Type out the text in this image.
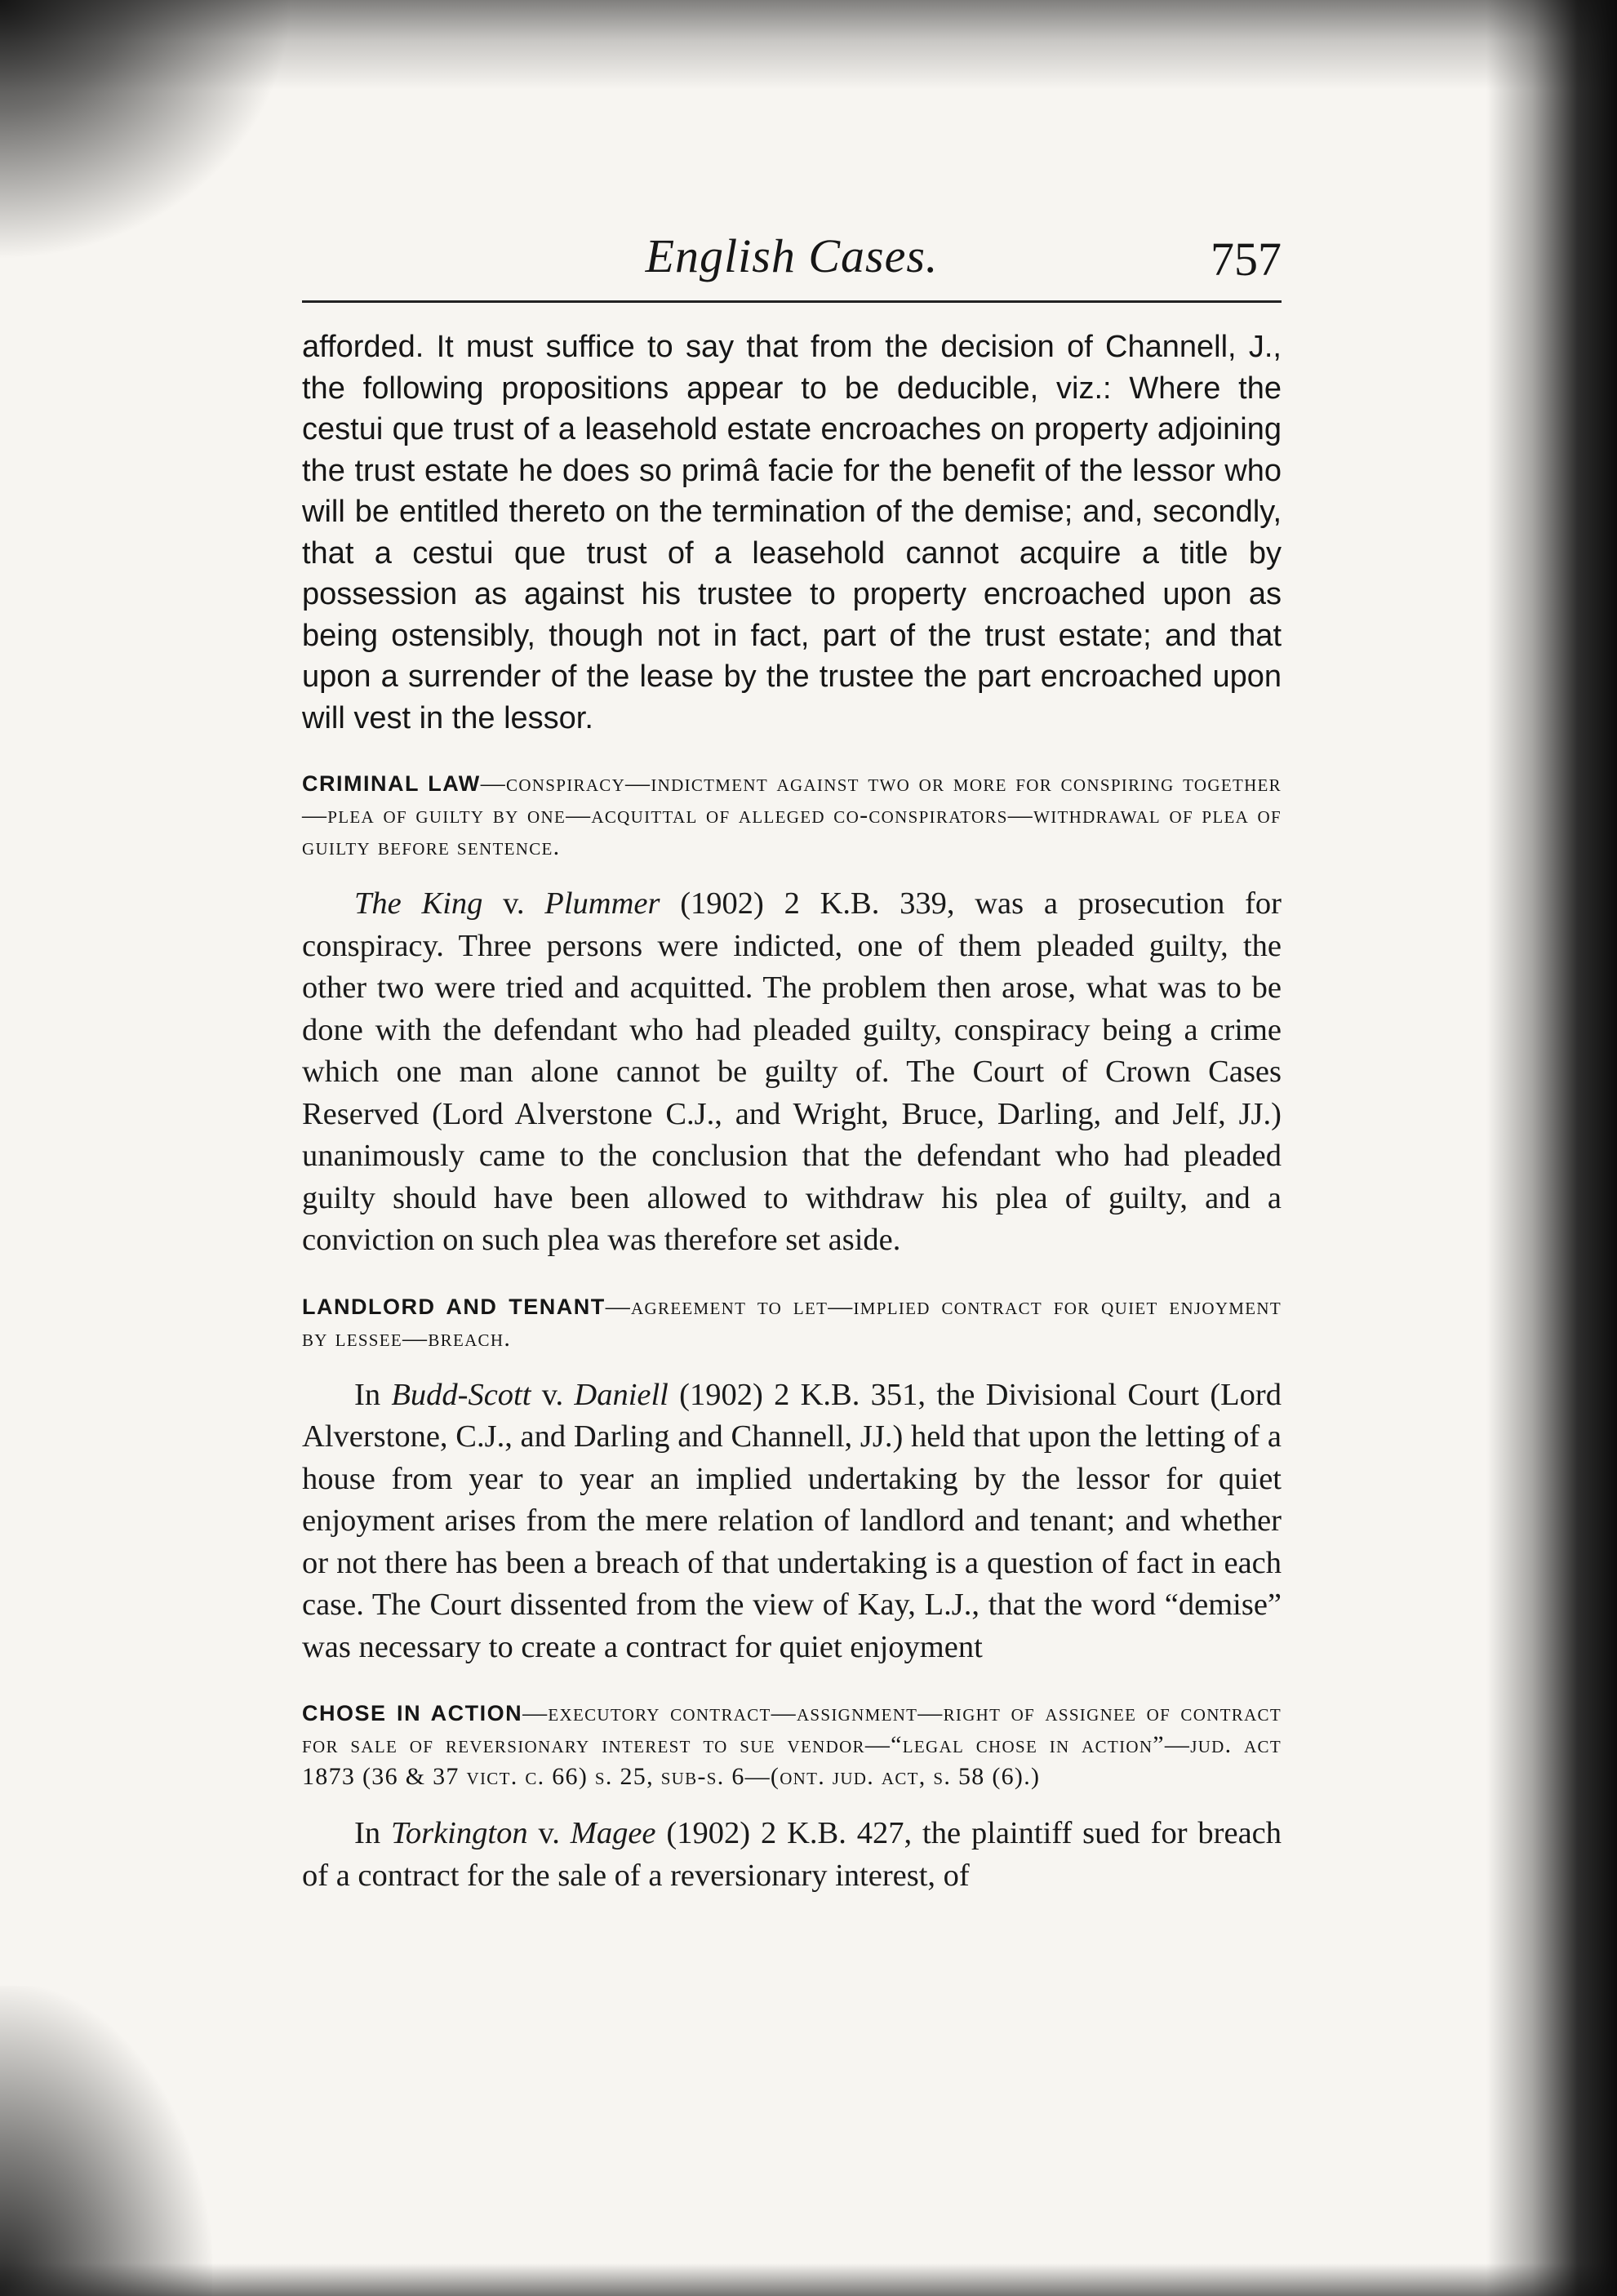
English Cases.	757

afforded. It must suffice to say that from the decision of Channell, J., the following propositions appear to be deducible, viz.: Where the cestui que trust of a leasehold estate encroaches on property adjoining the trust estate he does so primâ facie for the benefit of the lessor who will be entitled thereto on the termination of the demise; and, secondly, that a cestui que trust of a leasehold cannot acquire a title by possession as against his trustee to property encroached upon as being ostensibly, though not in fact, part of the trust estate; and that upon a surrender of the lease by the trustee the part encroached upon will vest in the lessor.

CRIMINAL LAW—conspiracy—indictment against two or more for conspiring together—plea of guilty by one—acquittal of alleged co-conspirators—withdrawal of plea of guilty before sentence.

The King v. Plummer (1902) 2 K.B. 339, was a prosecution for conspiracy. Three persons were indicted, one of them pleaded guilty, the other two were tried and acquitted. The problem then arose, what was to be done with the defendant who had pleaded guilty, conspiracy being a crime which one man alone cannot be guilty of. The Court of Crown Cases Reserved (Lord Alverstone C.J., and Wright, Bruce, Darling, and Jelf, JJ.) unanimously came to the conclusion that the defendant who had pleaded guilty should have been allowed to withdraw his plea of guilty, and a conviction on such plea was therefore set aside.

LANDLORD AND TENANT—agreement to let—implied contract for quiet enjoyment by lessee—breach.

In Budd-Scott v. Daniell (1902) 2 K.B. 351, the Divisional Court (Lord Alverstone, C.J., and Darling and Channell, JJ.) held that upon the letting of a house from year to year an implied undertaking by the lessor for quiet enjoyment arises from the mere relation of landlord and tenant; and whether or not there has been a breach of that undertaking is a question of fact in each case. The Court dissented from the view of Kay, L.J., that the word “demise” was necessary to create a contract for quiet enjoyment

CHOSE IN ACTION—executory contract—assignment—right of assignee of contract for sale of reversionary interest to sue vendor—“legal chose in action”—jud. act 1873 (36 & 37 vict. c. 66) s. 25, sub-s. 6—(ont. jud. act, s. 58 (6).)

In Torkington v. Magee (1902) 2 K.B. 427, the plaintiff sued for breach of a contract for the sale of a reversionary interest, of
